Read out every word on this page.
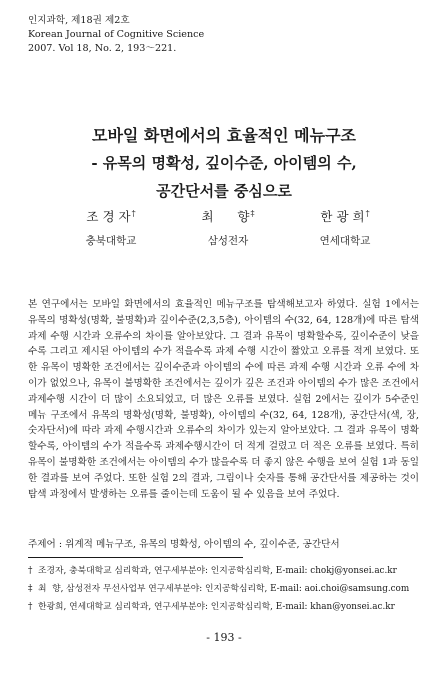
인지과학, 제18권 제2호
Korean Journal of Cognitive Science
2007. Vol 18, No. 2, 193～221.
모바일 화면에서의 효율적인 메뉴구조
- 유목의 명확성, 깊이수준, 아이템의 수,
공간단서를 중심으로
조 경 자†
충북대학교
최      향‡
삼성전자
한 광 희†
연세대학교
본 연구에서는 모바일 화면에서의 효율적인 메뉴구조를 탐색해보고자 하였다. 실험 1에서는 유목의 명확성(명확, 불명확)과 깊이수준(2,3,5층), 아이템의 수(32, 64, 128개)에 따른 탐색 과제 수행 시간과 오류수의 차이를 알아보았다. 그 결과 유목이 명확할수록, 깊이수준이 낮을수록 그리고 제시된 아이템의 수가 적을수록 과제 수행 시간이 짧았고 오류를 적게 보였다. 또한 유목이 명확한 조건에서는 깊이수준과 아이템의 수에 따른 과제 수행 시간과 오류 수에 차이가 없었으나, 유목이 불명확한 조건에서는 깊이가 깊은 조건과 아이템의 수가 많은 조건에서 과제수행 시간이 더 많이 소요되었고, 더 많은 오류를 보였다. 실험 2에서는 깊이가 5수준인 메뉴 구조에서 유목의 명확성(명확, 불명확), 아이템의 수(32, 64, 128개), 공간단서(색, 장, 숫자단서)에 따라 과제 수행시간과 오류수의 차이가 있는지 알아보았다. 그 결과 유목이 명확할수록, 아이템의 수가 적을수록 과제수행시간이 더 적게 걸렸고 더 적은 오류를 보였다. 특히 유목이 불명확한 조건에서는 아이템의 수가 많을수록 더 좋지 않은 수행을 보여 실험 1과 동일한 결과를 보여 주었다. 또한 실험 2의 결과, 그림이나 숫자를 통해 공간단서를 제공하는 것이 탐색 과정에서 발생하는 오류를 줄이는데 도움이 될 수 있음을 보여 주었다.
주제어 : 위계적 메뉴구조, 유목의 명확성, 아이템의 수, 깊이수준, 공간단서
† 조경자, 충북대학교 심리학과, 연구세부분야: 인지공학심리학, E-mail: chokj@yonsei.ac.kr
‡ 최  향, 삼성전자 무선사업부 연구세부분야: 인지공학심리학, E-mail: aoi.choi@samsung.com
† 한광희, 연세대학교 심리학과, 연구세부분야: 인지공학심리학, E-mail: khan@yonsei.ac.kr
- 193 -
